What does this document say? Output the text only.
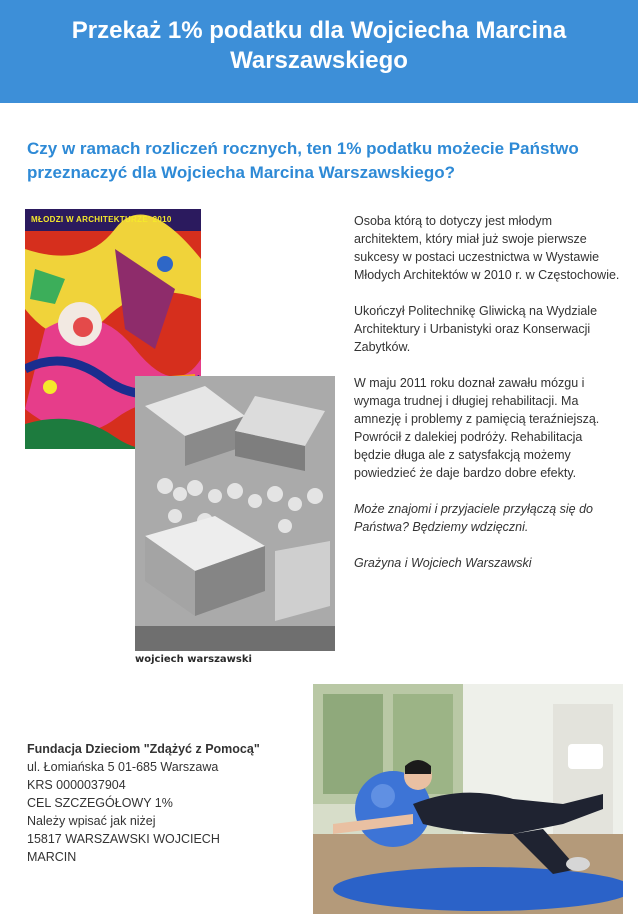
Przekaż 1% podatku dla Wojciecha Marcina Warszawskiego

Czy w ramach rozliczeń rocznych, ten 1% podatku możecie Państwo przeznaczyć dla Wojciecha Marcina Warszawskiego?

MŁODZI W ARCHITEKTURZE' 2010
wojciech warszawski

Osoba którą to dotyczy jest młodym architektem, który miał już swoje pierwsze sukcesy w postaci uczestnictwa w Wystawie Młodych Architektów w 2010 r. w Częstochowie.

Ukończył Politechnikę Gliwicką na Wydziale Architektury i Urbanistyki oraz Konserwacji Zabytków.

W maju 2011 roku doznał zawału mózgu i wymaga trudnej i długiej rehabilitacji. Ma amnezję i problemy z pamięcią teraźniejszą. Powrócił z dalekiej podróży. Rehabilitacja będzie długa ale z satysfakcją możemy powiedzieć że daje bardzo dobre efekty.

Może znajomi i przyjaciele przyłączą się do Państwa? Będziemy wdzięczni.

Grażyna i Wojciech Warszawski

Fundacja Dzieciom "Zdążyć z Pomocą"
ul. Łomiańska 5 01-685 Warszawa
KRS 0000037904
CEL SZCZEGÓŁOWY 1%
Należy wpisać jak niżej
15817 WARSZAWSKI WOJCIECH
MARCIN
